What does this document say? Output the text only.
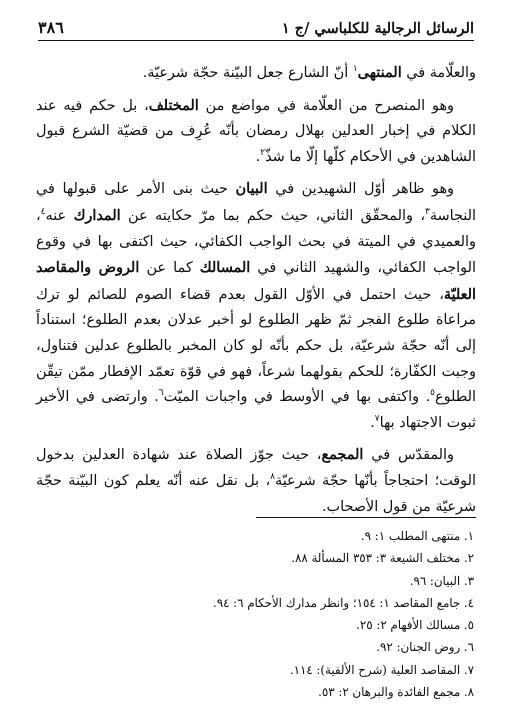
الرسائل الرجالية للكلباسي /ج ١
٣٨٦

والعلّامة في المنتهى$^١$ أنّ الشارع جعل البيّنة حجّة شرعيّة.

وهو المنصرح من العلّامة في مواضع من المختلف، بل حكم فيه عند الكلام في إخبار العدلين بهلال رمضان بأنّه عُرِف من قضيّة الشرع قبول الشاهدين في الأحكام كلّها إلّا ما شذّ$^٢$.

وهو ظاهر أوّل الشهيدين في البيان حيث بنى الأمر على قبولها في النجاسة$^٣$، والمحقّق الثاني، حيث حكم بما مرّ حكايته عن المدارك عنه$^٤$، والعميدي في الميتة في بحث الواجب الكفائي، حيث اكتفى بها في وقوع الواجب الكفائي، والشهيد الثاني في المسالك كما عن الروض والمقاصد العليّة، حيث احتمل في الأوّل القول بعدم قضاء الصوم للصائم لو ترك مراعاة طلوع الفجر ثمّ ظهر الطلوع لو أخبر عدلان بعدم الطلوع؛ استناداً إلى أنّه حجّة شرعيّة، بل حكم بأنّه لو كان المخبر بالطلوع عدلين فتناول، وجبت الكفّارة؛ للحكم بقولهما شرعاً، فهو في قوّة تعمّد الإفطار ممّن تيقّن الطلوع$^٥$. واكتفى بها في الأوسط في واجبات الميّت$^٦$. وارتضى في الأخير ثبوت الاجتهاد بها$^٧$.

والمقدّس في المجمع، حيث جوّز الصلاة عند شهادة العدلين بدخول الوقت؛ احتجاجاً بأنّها حجّة شرعيّة$^٨$، بل نقل عنه أنّه يعلم كون البيّنة حجّة شرعيّة من قول الأصحاب.

١. منتهى المطلب ١: ٩.
٢. مختلف الشيعة ٣: ٣٥٣ المسألة ٨٨.
٣. البيان: ٩٦.
٤. جامع المقاصد ١: ١٥٤؛ وانظر مدارك الأحكام ٦: ٩٤.
٥. مسالك الأفهام ٢: ٢٥.
٦. روض الجنان: ٩٢.
٧. المقاصد العلية (شرح الألفية): ١١٤.
٨. مجمع الفائدة والبرهان ٢: ٥٣.
